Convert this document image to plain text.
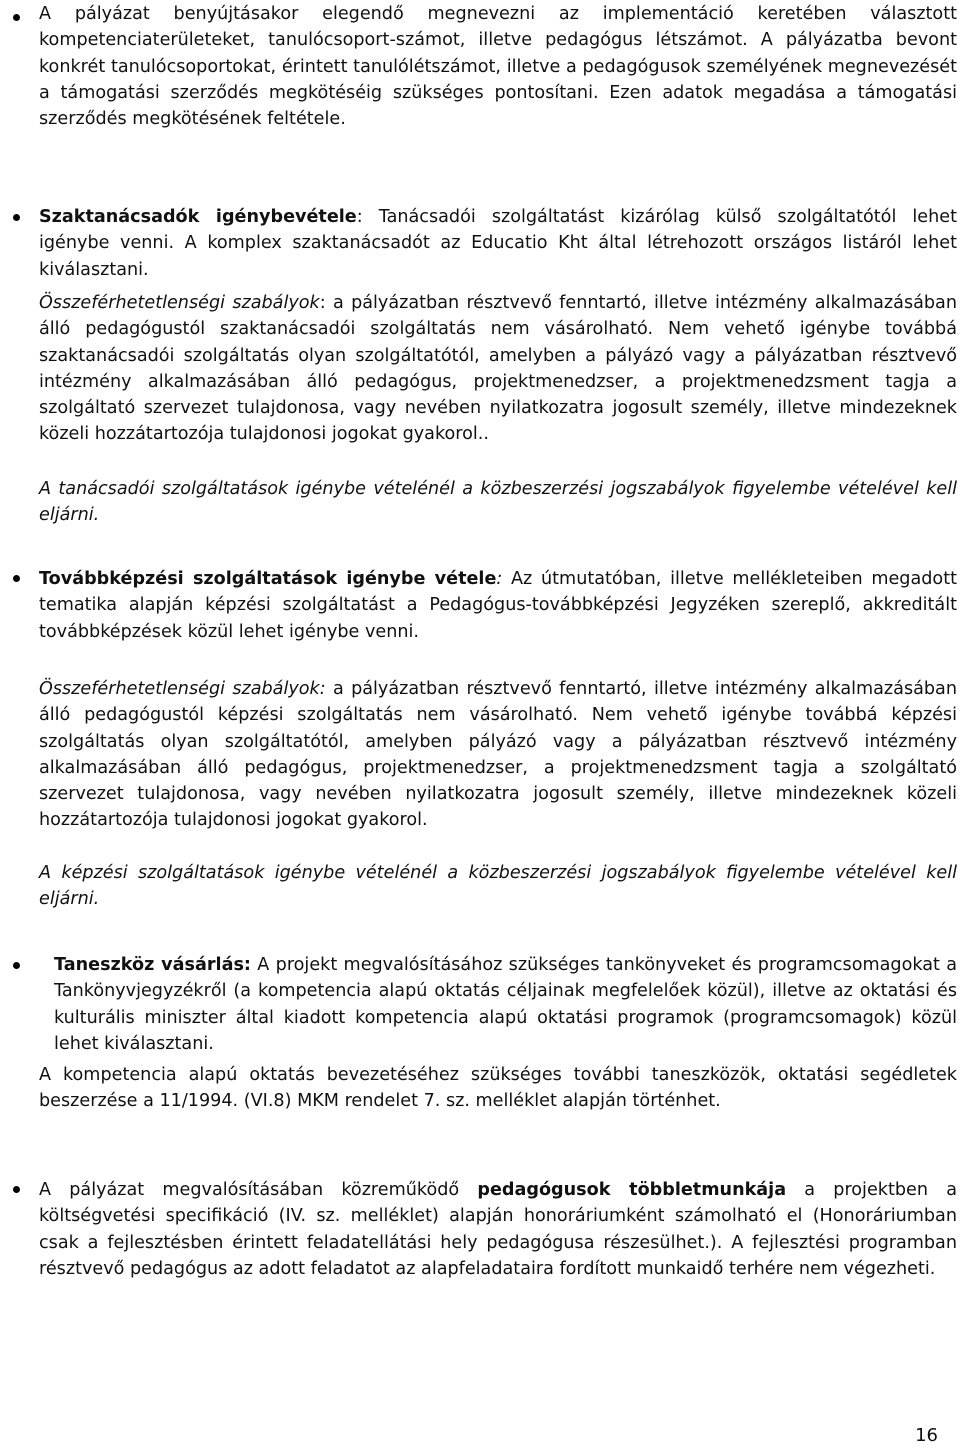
A pályázat benyújtásakor elegendő megnevezni az implementáció keretében választott kompetenciaterületeket, tanulócsoport-számot, illetve pedagógus létszámot. A pályázatba bevont konkrét tanulócsoportokat, érintett tanulólétszámot, illetve a pedagógusok személyének megnevezését a támogatási szerződés megkötéséig szükséges pontosítani. Ezen adatok megadása a támogatási szerződés megkötésének feltétele.

Szaktanácsadók igénybevétele: Tanácsadói szolgáltatást kizárólag külső szolgáltatótól lehet igénybe venni. A komplex szaktanácsadót az Educatio Kht által létrehozott országos listáról lehet kiválasztani.

Összeférhetetlenségi szabályok: a pályázatban résztvevő fenntartó, illetve intézmény alkalmazásában álló pedagógustól szaktanácsadói szolgáltatás nem vásárolható. Nem vehető igénybe továbbá szaktanácsadói szolgáltatás olyan szolgáltatótól, amelyben a pályázó vagy a pályázatban résztvevő intézmény alkalmazásában álló pedagógus, projektmenedzser, a projektmenedzsment tagja a szolgáltató szervezet tulajdonosa, vagy nevében nyilatkozatra jogosult személy, illetve mindezeknek közeli hozzátartozója tulajdonosi jogokat gyakorol..

A tanácsadói szolgáltatások igénybe vételénél a közbeszerzési jogszabályok figyelembe vételével kell eljárni.

Továbbképzési szolgáltatások igénybe vétele: Az útmutatóban, illetve mellékleteiben megadott tematika alapján képzési szolgáltatást a Pedagógus-továbbképzési Jegyzéken szereplő, akkreditált továbbképzések közül lehet igénybe venni.

Összeférhetetlenségi szabályok: a pályázatban résztvevő fenntartó, illetve intézmény alkalmazásában álló pedagógustól képzési szolgáltatás nem vásárolható. Nem vehető igénybe továbbá képzési szolgáltatás olyan szolgáltatótól, amelyben pályázó vagy a pályázatban résztvevő intézmény alkalmazásában álló pedagógus, projektmenedzser, a projektmenedzsment tagja a szolgáltató szervezet tulajdonosa, vagy nevében nyilatkozatra jogosult személy, illetve mindezeknek közeli hozzátartozója tulajdonosi jogokat gyakorol.

A képzési szolgáltatások igénybe vételénél a közbeszerzési jogszabályok figyelembe vételével kell eljárni.

Taneszköz vásárlás: A projekt megvalósításához szükséges tankönyveket és programcsomagokat a Tankönyvjegyzékről (a kompetencia alapú oktatás céljainak megfelelőek közül), illetve az oktatási és kulturális miniszter által kiadott kompetencia alapú oktatási programok (programcsomagok) közül lehet kiválasztani.

A kompetencia alapú oktatás bevezetéséhez szükséges további taneszközök, oktatási segédletek beszerzése a 11/1994. (VI.8) MKM rendelet 7. sz. melléklet alapján történhet.

A pályázat megvalósításában közreműködő pedagógusok többletmunkája a projektben a költségvetési specifikáció (IV. sz. melléklet) alapján honoráriumként számolható el (Honoráriumban csak a fejlesztésben érintett feladatellátási hely pedagógusa részesülhet.). A fejlesztési programban résztvevő pedagógus az adott feladatot az alapfeladataira fordított munkaidő terhére nem végezheti.

16
